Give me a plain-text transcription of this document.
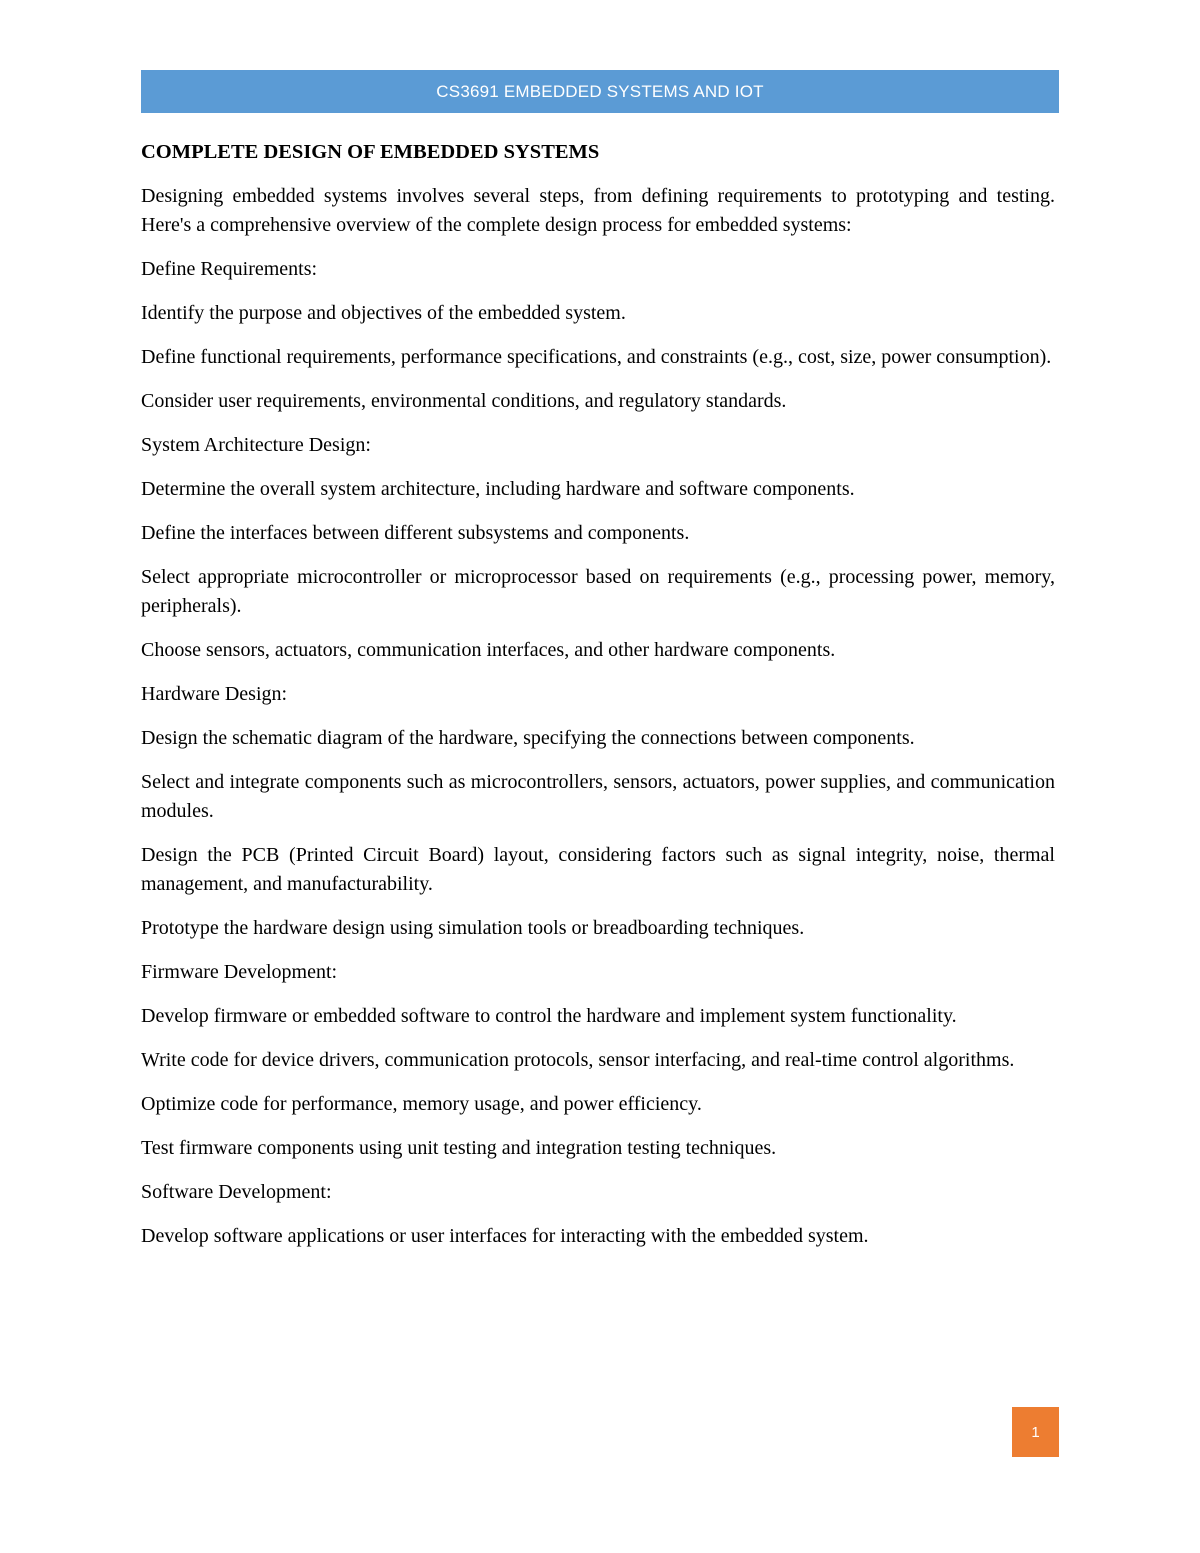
CS3691 EMBEDDED SYSTEMS AND IOT
COMPLETE DESIGN OF EMBEDDED SYSTEMS

Designing embedded systems involves several steps, from defining requirements to prototyping and testing. Here's a comprehensive overview of the complete design process for embedded systems:

Define Requirements:

Identify the purpose and objectives of the embedded system.

Define functional requirements, performance specifications, and constraints (e.g., cost, size, power consumption).

Consider user requirements, environmental conditions, and regulatory standards.

System Architecture Design:

Determine the overall system architecture, including hardware and software components.

Define the interfaces between different subsystems and components.

Select appropriate microcontroller or microprocessor based on requirements (e.g., processing power, memory, peripherals).

Choose sensors, actuators, communication interfaces, and other hardware components.

Hardware Design:

Design the schematic diagram of the hardware, specifying the connections between components.

Select and integrate components such as microcontrollers, sensors, actuators, power supplies, and communication modules.

Design the PCB (Printed Circuit Board) layout, considering factors such as signal integrity, noise, thermal management, and manufacturability.

Prototype the hardware design using simulation tools or breadboarding techniques.

Firmware Development:

Develop firmware or embedded software to control the hardware and implement system functionality.

Write code for device drivers, communication protocols, sensor interfacing, and real-time control algorithms.

Optimize code for performance, memory usage, and power efficiency.

Test firmware components using unit testing and integration testing techniques.

Software Development:

Develop software applications or user interfaces for interacting with the embedded system.

1
